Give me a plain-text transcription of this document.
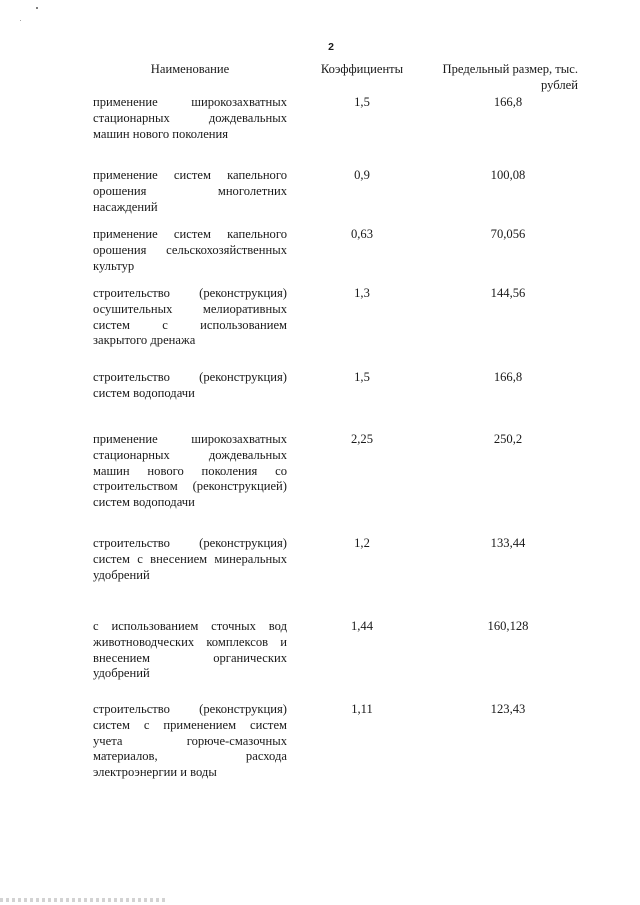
2
Наименование	Коэффициенты	Предельный размер, тыс.
рублей
применение широкозахватных
стационарных дождевальных
машин нового поколения
1,5	166,8
применение систем капельного
орошения многолетних
насаждений
0,9	100,08
применение систем капельного
орошения сельскохозяйственных
культур
0,63	70,056
строительство (реконструкция)
осушительных мелиоративных
систем с использованием
закрытого дренажа
1,3	144,56
строительство (реконструкция)
систем водоподачи
1,5	166,8
применение широкозахватных
стационарных дождевальных
машин нового поколения со
строительством (реконструкцией)
систем водоподачи
2,25	250,2
строительство (реконструкция)
систем с внесением минеральных
удобрений
1,2	133,44
с использованием сточных вод
животноводческих комплексов и
внесением органических
удобрений
1,44	160,128
строительство (реконструкция)
систем с применением систем
учета горюче-смазочных
материалов, расхода
электроэнергии и воды
1,11	123,43
